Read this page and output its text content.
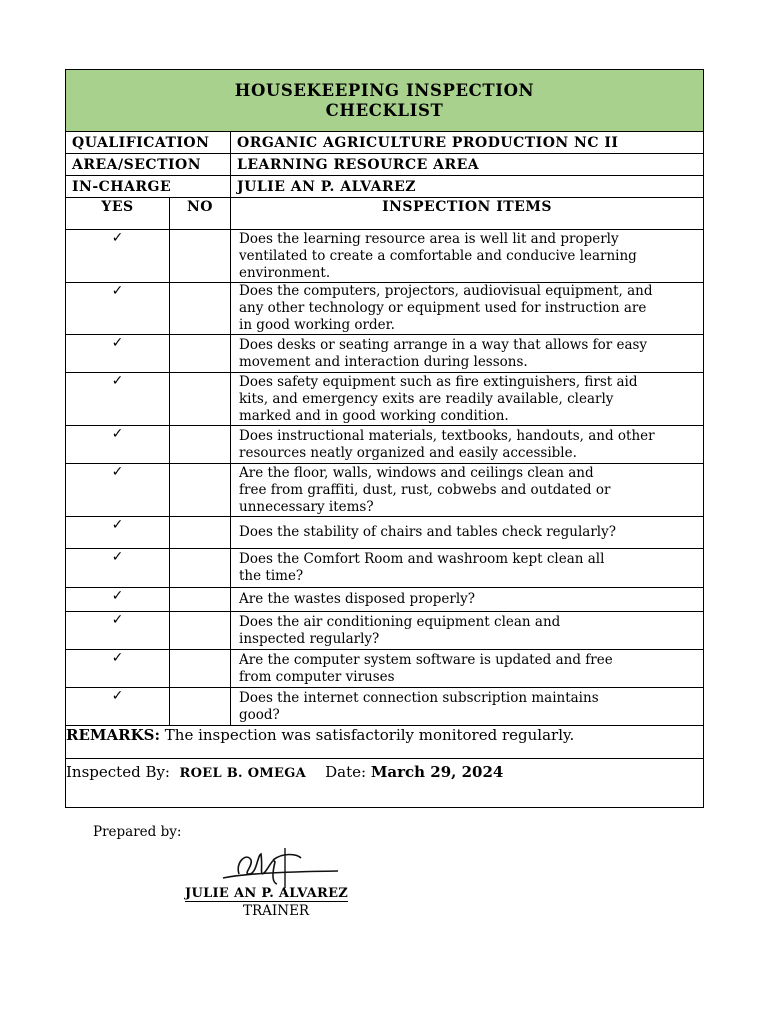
HOUSEKEEPING INSPECTION
CHECKLIST		

QUALIFICATION		ORGANIC AGRICULTURE PRODUCTION NC II
AREA/SECTION		LEARNING RESOURCE AREA
IN-CHARGE		JULIE AN P. ALVAREZ
YES	NO	INSPECTION ITEMS
✓		Does the learning resource area is well lit and properly
ventilated to create a comfortable and conducive learning
environment.

✓		Does the computers, projectors, audiovisual equipment, and
any other technology or equipment used for instruction are
in good working order.

✓		Does desks or seating arrange in a way that allows for easy
movement and interaction during lessons.

✓		Does safety equipment such as fire extinguishers, first aid
kits, and emergency exits are readily available, clearly
marked and in good working condition.

✓		Does instructional materials, textbooks, handouts, and other
resources neatly organized and easily accessible.

✓		Are the floor, walls, windows and ceilings clean and
free from graffiti, dust, rust, cobwebs and outdated or
unnecessary items?

✓		Does the stability of chairs and tables check regularly?

✓		Does the Comfort Room and washroom kept clean all
the time?

✓		Are the wastes disposed properly?

✓		Does the air conditioning equipment clean and
inspected regularly?

✓		Are the computer system software is updated and free
from computer viruses

✓		Does the internet connection subscription maintains
good?

REMARKS: The inspection was satisfactorily monitored regularly.		
Inspected By: ROEL B. OMEGA Date: March 29, 2024		
Prepared by:
JULIE AN P. ALVAREZ
TRAINER
